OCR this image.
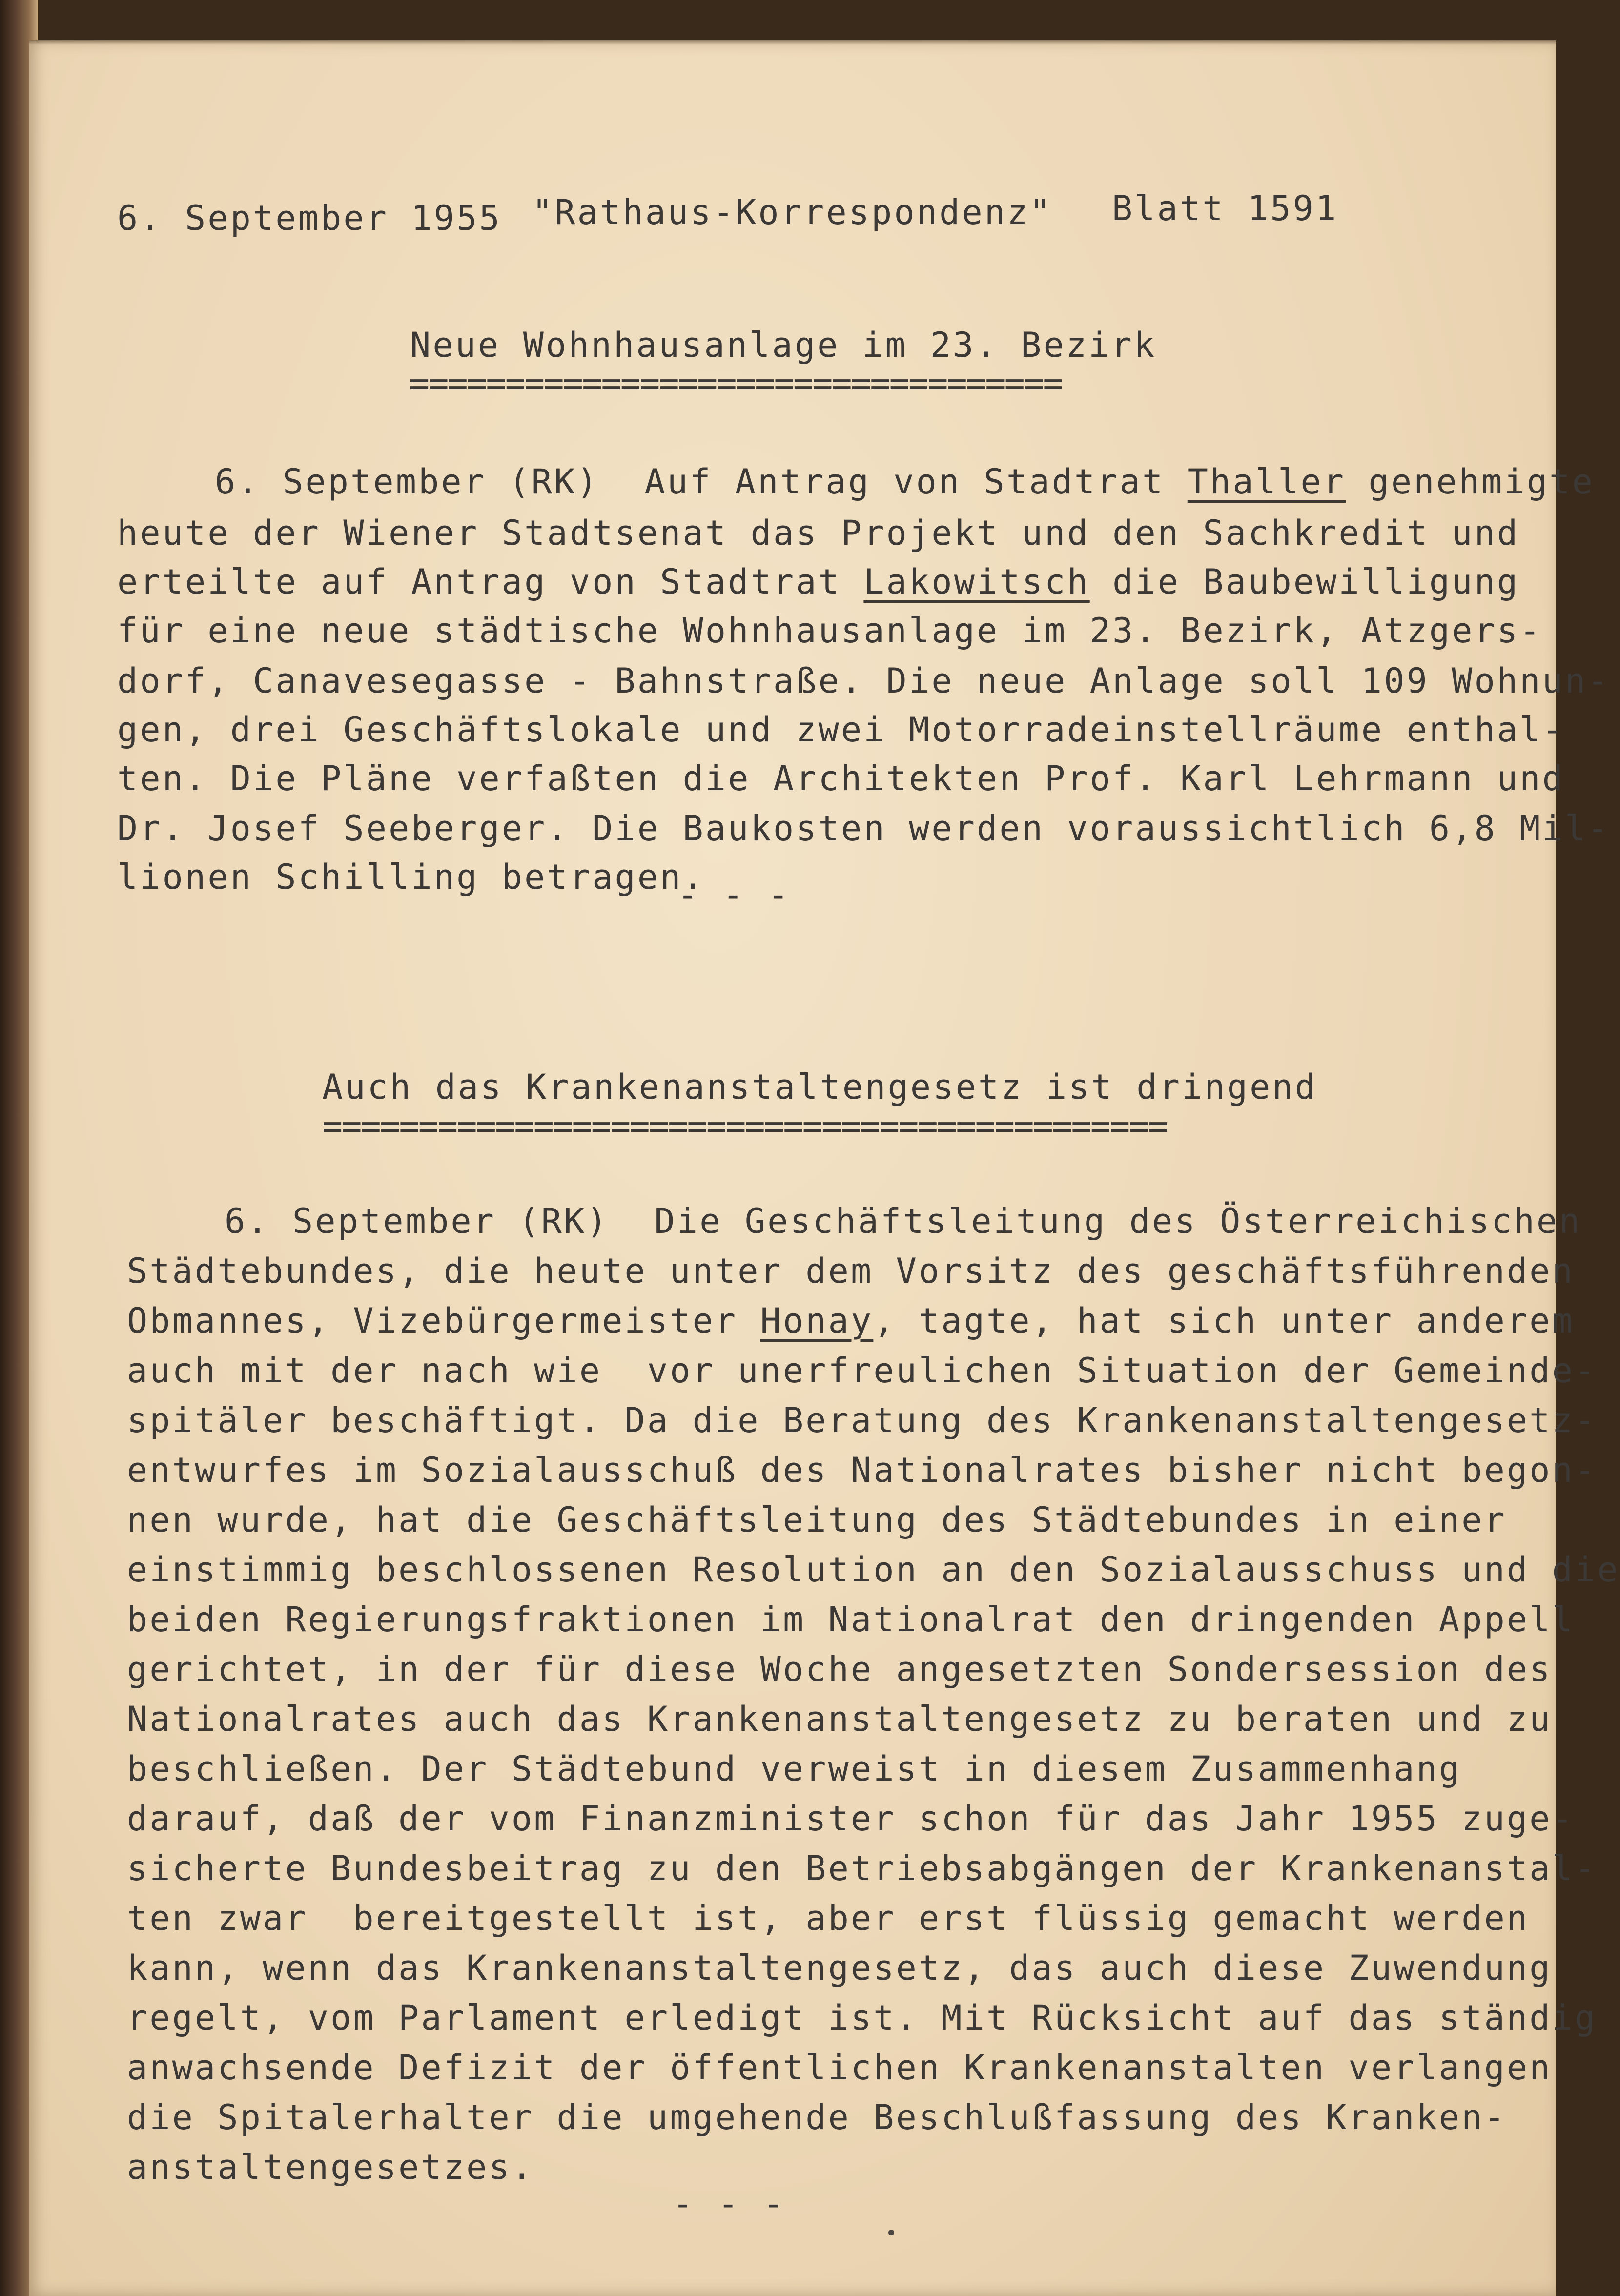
6. September 1955 "Rathaus-Korrespondenz" Blatt 1591
Neue Wohnhausanlage im 23. Bezirk
==================================
6. September (RK)  Auf Antrag von Stadtrat Thaller genehmigte
heute der Wiener Stadtsenat das Projekt und den Sachkredit und
erteilte auf Antrag von Stadtrat Lakowitsch die Baubewilligung
für eine neue städtische Wohnhausanlage im 23. Bezirk, Atzgers-
dorf, Canavesegasse - Bahnstraße. Die neue Anlage soll 109 Wohnun-
gen, drei Geschäftslokale und zwei Motorradeinstellräume enthal-
ten. Die Pläne verfaßten die Architekten Prof. Karl Lehrmann und
Dr. Josef Seeberger. Die Baukosten werden voraussichtlich 6,8 Mil-
lionen Schilling betragen.
- - -
Auch das Krankenanstaltengesetz ist dringend
============================================
6. September (RK)  Die Geschäftsleitung des Österreichischen
Städtebundes, die heute unter dem Vorsitz des geschäftsführenden
Obmannes, Vizebürgermeister Honay, tagte, hat sich unter anderem
auch mit der nach wie  vor unerfreulichen Situation der Gemeinde-
spitäler beschäftigt. Da die Beratung des Krankenanstaltengesetz-
entwurfes im Sozialausschuß des Nationalrates bisher nicht begon-
nen wurde, hat die Geschäftsleitung des Städtebundes in einer
einstimmig beschlossenen Resolution an den Sozialausschuss und die
beiden Regierungsfraktionen im Nationalrat den dringenden Appell
gerichtet, in der für diese Woche angesetzten Sondersession des
Nationalrates auch das Krankenanstaltengesetz zu beraten und zu
beschließen. Der Städtebund verweist in diesem Zusammenhang
darauf, daß der vom Finanzminister schon für das Jahr 1955 zuge-
sicherte Bundesbeitrag zu den Betriebsabgängen der Krankenanstal-
ten zwar  bereitgestellt ist, aber erst flüssig gemacht werden
kann, wenn das Krankenanstaltengesetz, das auch diese Zuwendung
regelt, vom Parlament erledigt ist. Mit Rücksicht auf das ständig
anwachsende Defizit der öffentlichen Krankenanstalten verlangen
die Spitalerhalter die umgehende Beschlußfassung des Kranken-
anstaltengesetzes.
- - -
